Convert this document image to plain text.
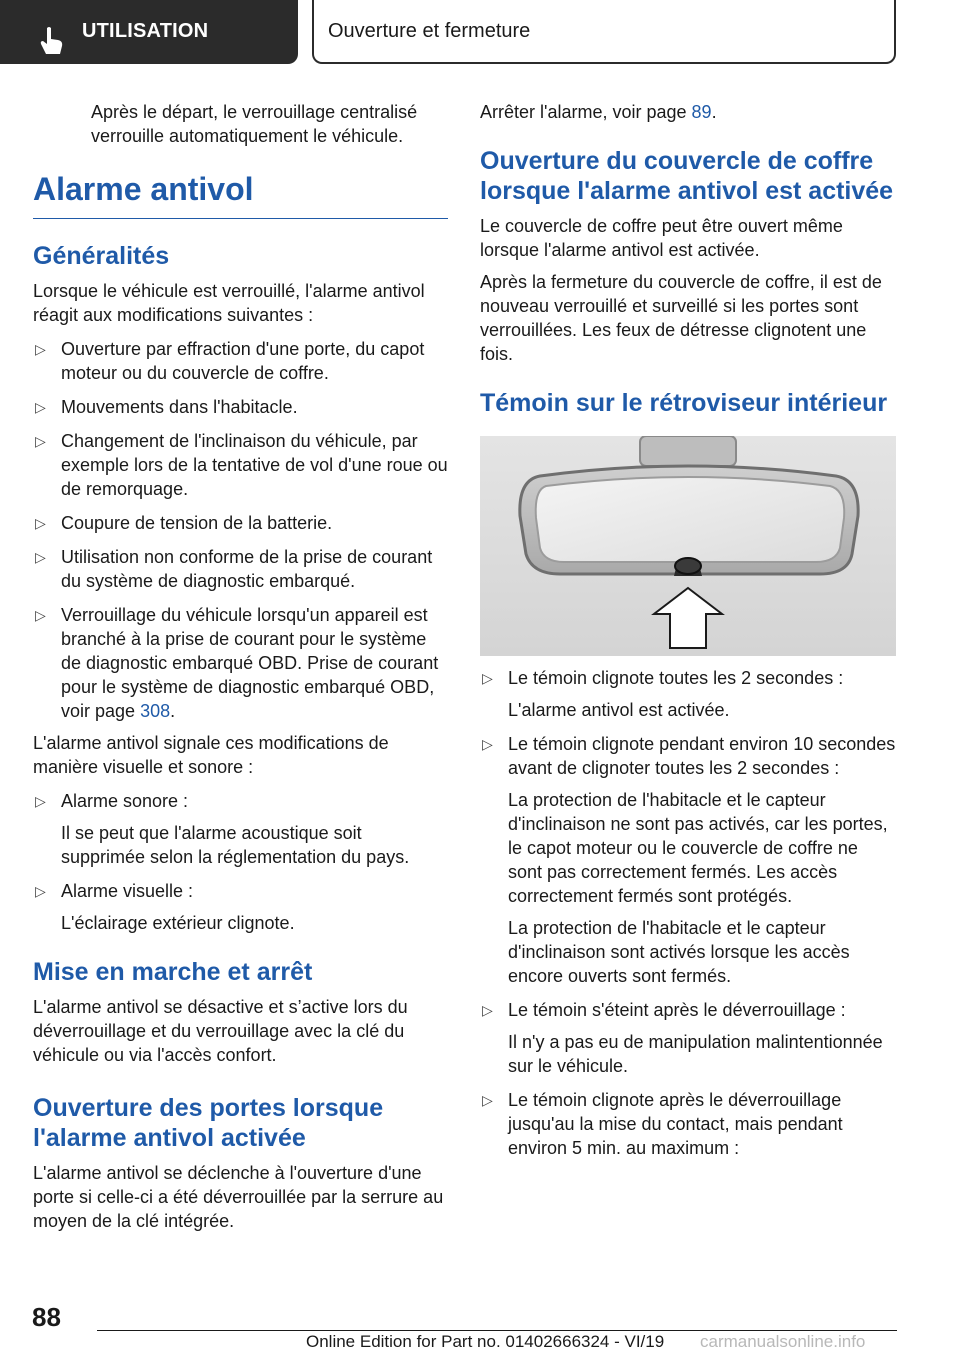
UTILISATION	Ouverture et fermeture

Après le départ, le verrouillage centralisé verrouille automatiquement le véhicule.

Alarme antivol
Généralités

Lorsque le véhicule est verrouillé, l'alarme antivol réagit aux modifications suivantes :

▷ Ouverture par effraction d'une porte, du capot moteur ou du couvercle de coffre.
▷ Mouvements dans l'habitacle.
▷ Changement de l'inclinaison du véhicule, par exemple lors de la tentative de vol d'une roue ou de remorquage.
▷ Coupure de tension de la batterie.
▷ Utilisation non conforme de la prise de courant du système de diagnostic embarqué.
▷ Verrouillage du véhicule lorsqu'un appareil est branché à la prise de courant pour le système de diagnostic embarqué OBD. Prise de courant pour le système de diagnostic embarqué OBD, voir page 308.

L'alarme antivol signale ces modifications de manière visuelle et sonore :

▷ Alarme sonore :

Il se peut que l'alarme acoustique soit supprimée selon la réglementation du pays.

▷ Alarme visuelle :

L'éclairage extérieur clignote.

Mise en marche et arrêt

L'alarme antivol se désactive et s’active lors du déverrouillage et du verrouillage avec la clé du véhicule ou via l'accès confort.

Ouverture des portes lorsque l'alarme antivol activée

L'alarme antivol se déclenche à l'ouverture d'une porte si celle-ci a été déverrouillée par la serrure au moyen de la clé intégrée.

Arrêter l'alarme, voir page 89.

Ouverture du couvercle de coffre lorsque l'alarme antivol est activée

Le couvercle de coffre peut être ouvert même lorsque l'alarme antivol est activée.

Après la fermeture du couvercle de coffre, il est de nouveau verrouillé et surveillé si les portes sont verrouillées. Les feux de détresse clignotent une fois.

Témoin sur le rétroviseur intérieur
▷ Le témoin clignote toutes les 2 secondes :

L'alarme antivol est activée.

▷ Le témoin clignote pendant environ 10 secondes avant de clignoter toutes les 2 secondes :

La protection de l'habitacle et le capteur d'inclinaison ne sont pas activés, car les portes, le capot moteur ou le couvercle de coffre ne sont pas correctement fermés. Les accès correctement fermés sont protégés.

La protection de l'habitacle et le capteur d'inclinaison sont activés lorsque les accès encore ouverts sont fermés.

▷ Le témoin s'éteint après le déverrouillage :

Il n'y a pas eu de manipulation malintentionnée sur le véhicule.

▷ Le témoin clignote après le déverrouillage jusqu'au la mise du contact, mais pendant environ 5 min. au maximum :
88
Online Edition for Part no. 01402666324 - VI/19 carmanualsonline.info
